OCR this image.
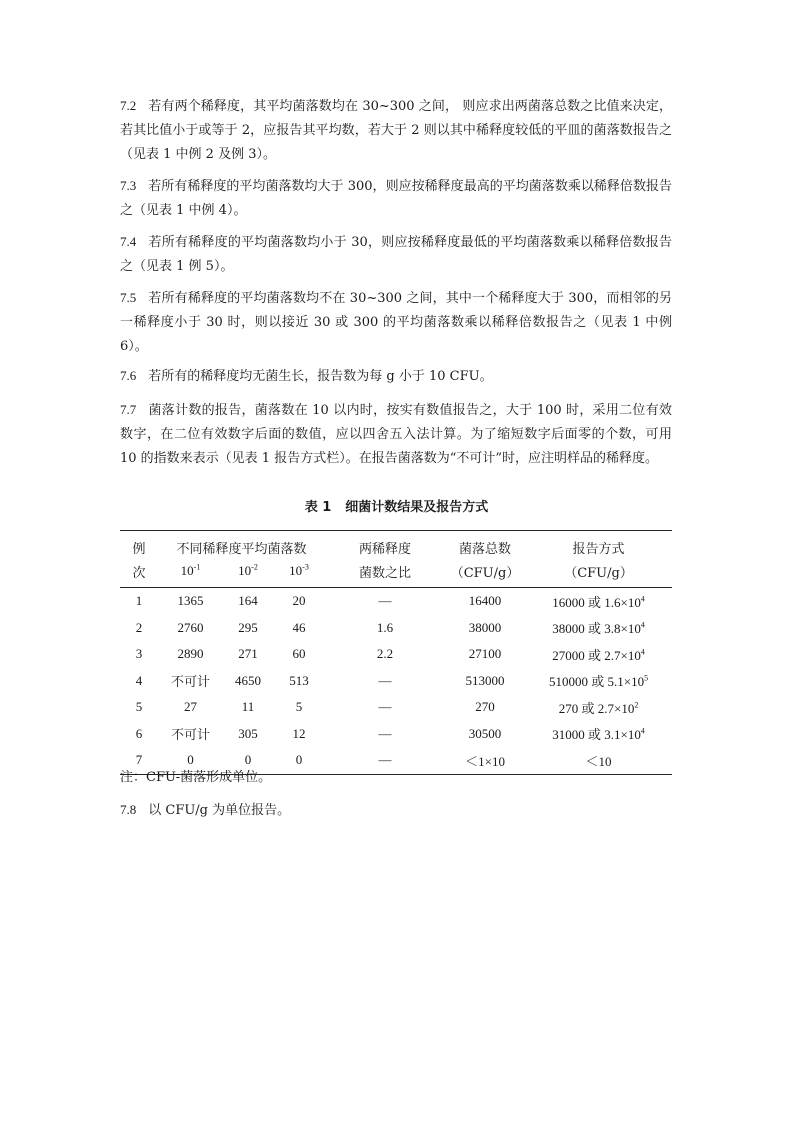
7.2 若有两个稀释度，其平均菌落数均在 30~300 之间， 则应求出两菌落总数之比值来决定，若其比值小于或等于 2，应报告其平均数，若大于 2 则以其中稀释度较低的平皿的菌落数报告之（见表 1 中例 2 及例 3）。

7.3 若所有稀释度的平均菌落数均大于 300，则应按稀释度最高的平均菌落数乘以稀释倍数报告之（见表 1 中例 4）。

7.4 若所有稀释度的平均菌落数均小于 30，则应按稀释度最低的平均菌落数乘以稀释倍数报告之（见表 1 例 5）。

7.5 若所有稀释度的平均菌落数均不在 30~300 之间，其中一个稀释度大于 300，而相邻的另一稀释度小于 30 时，则以接近 30 或 300 的平均菌落数乘以稀释倍数报告之（见表 1 中例 6）。

7.6 若所有的稀释度均无菌生长，报告数为每 g 小于 10 CFU。

7.7 菌落计数的报告，菌落数在 10 以内时，按实有数值报告之，大于 100 时，采用二位有效数字，在二位有效数字后面的数值，应以四舍五入法计算。为了缩短数字后面零的个数，可用 10 的指数来表示（见表 1 报告方式栏）。在报告菌落数为“不可计”时，应注明样品的稀释度。

表 1 细菌计数结果及报告方式
例	不同稀释度平均菌落数			两稀释度	菌落总数	报告方式
次	$10^{-1}$	$10^{-2}$	$10^{-3}$	菌数之比	（CFU/g）	（CFU/g）
1	1365	164	20	—	16400	16000 或 $1.6\times 10^4$
2	2760	295	46	1.6	38000	38000 或 $3.8\times 10^4$
3	2890	271	60	2.2	27100	27000 或 $2.7\times 10^4$
4	不可计	4650	513	—	513000	510000 或 $5.1\times 10^5$
5	27	11	5	—	270	270 或 $2.7\times 10^2$
6	不可计	305	12	—	30500	31000 或 $3.1\times 10^4$
7	0	0	0	—	＜1×10	＜10
注：CFU-菌落形成单位。

7.8 以 CFU/g 为单位报告。
